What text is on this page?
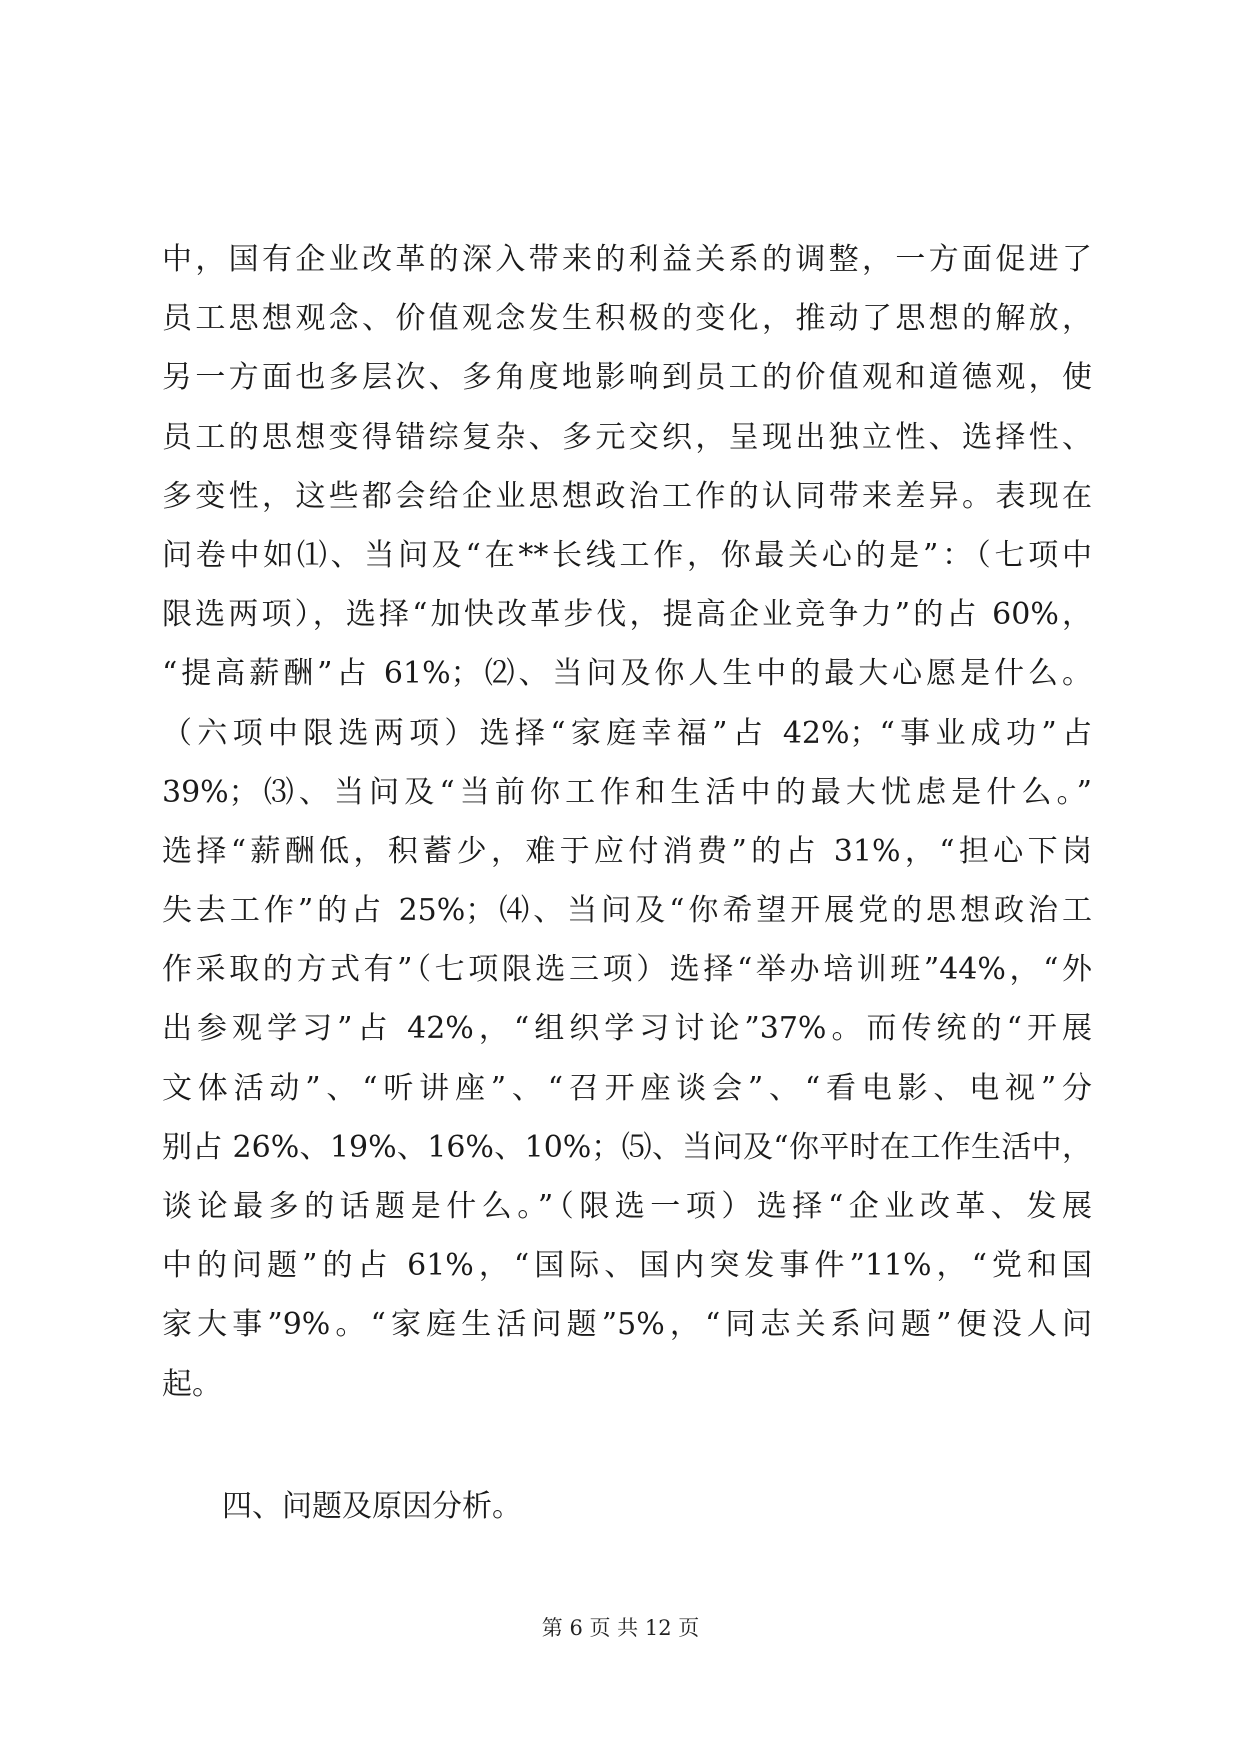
中，国有企业改革的深入带来的利益关系的调整，一方面促进了
员工思想观念、价值观念发生积极的变化，推动了思想的解放，
另一方面也多层次、多角度地影响到员工的价值观和道德观，使
员工的思想变得错综复杂、多元交织，呈现出独立性、选择性、
多变性，这些都会给企业思想政治工作的认同带来差异。表现在
问卷中如⑴、当问及“在**长线工作，你最关心的是”：（七项中
限选两项），选择“加快改革步伐，提高企业竞争力”的占 60%，
“提高薪酬”占 61%；⑵、当问及你人生中的最大心愿是什么。
（六项中限选两项）选择“家庭幸福”占 42%；“事业成功”占
39%；⑶、当问及“当前你工作和生活中的最大忧虑是什么。”
选择“薪酬低，积蓄少，难于应付消费”的占 31%，“担心下岗
失去工作”的占 25%；⑷、当问及“你希望开展党的思想政治工
作采取的方式有”（七项限选三项）选择“举办培训班”44%，“外
出参观学习”占 42%，“组织学习讨论”37%。而传统的“开展
文体活动”、“听讲座”、“召开座谈会”、“看电影、电视”分
别占 26%、19%、16%、10%；⑸、当问及“你平时在工作生活中，
谈论最多的话题是什么。”（限选一项）选择“企业改革、发展
中的问题”的占 61%，“国际、国内突发事件”11%，“党和国
家大事”9%。“家庭生活问题”5%，“同志关系问题”便没人问
起。
四、问题及原因分析。
第 6 页 共 12 页
